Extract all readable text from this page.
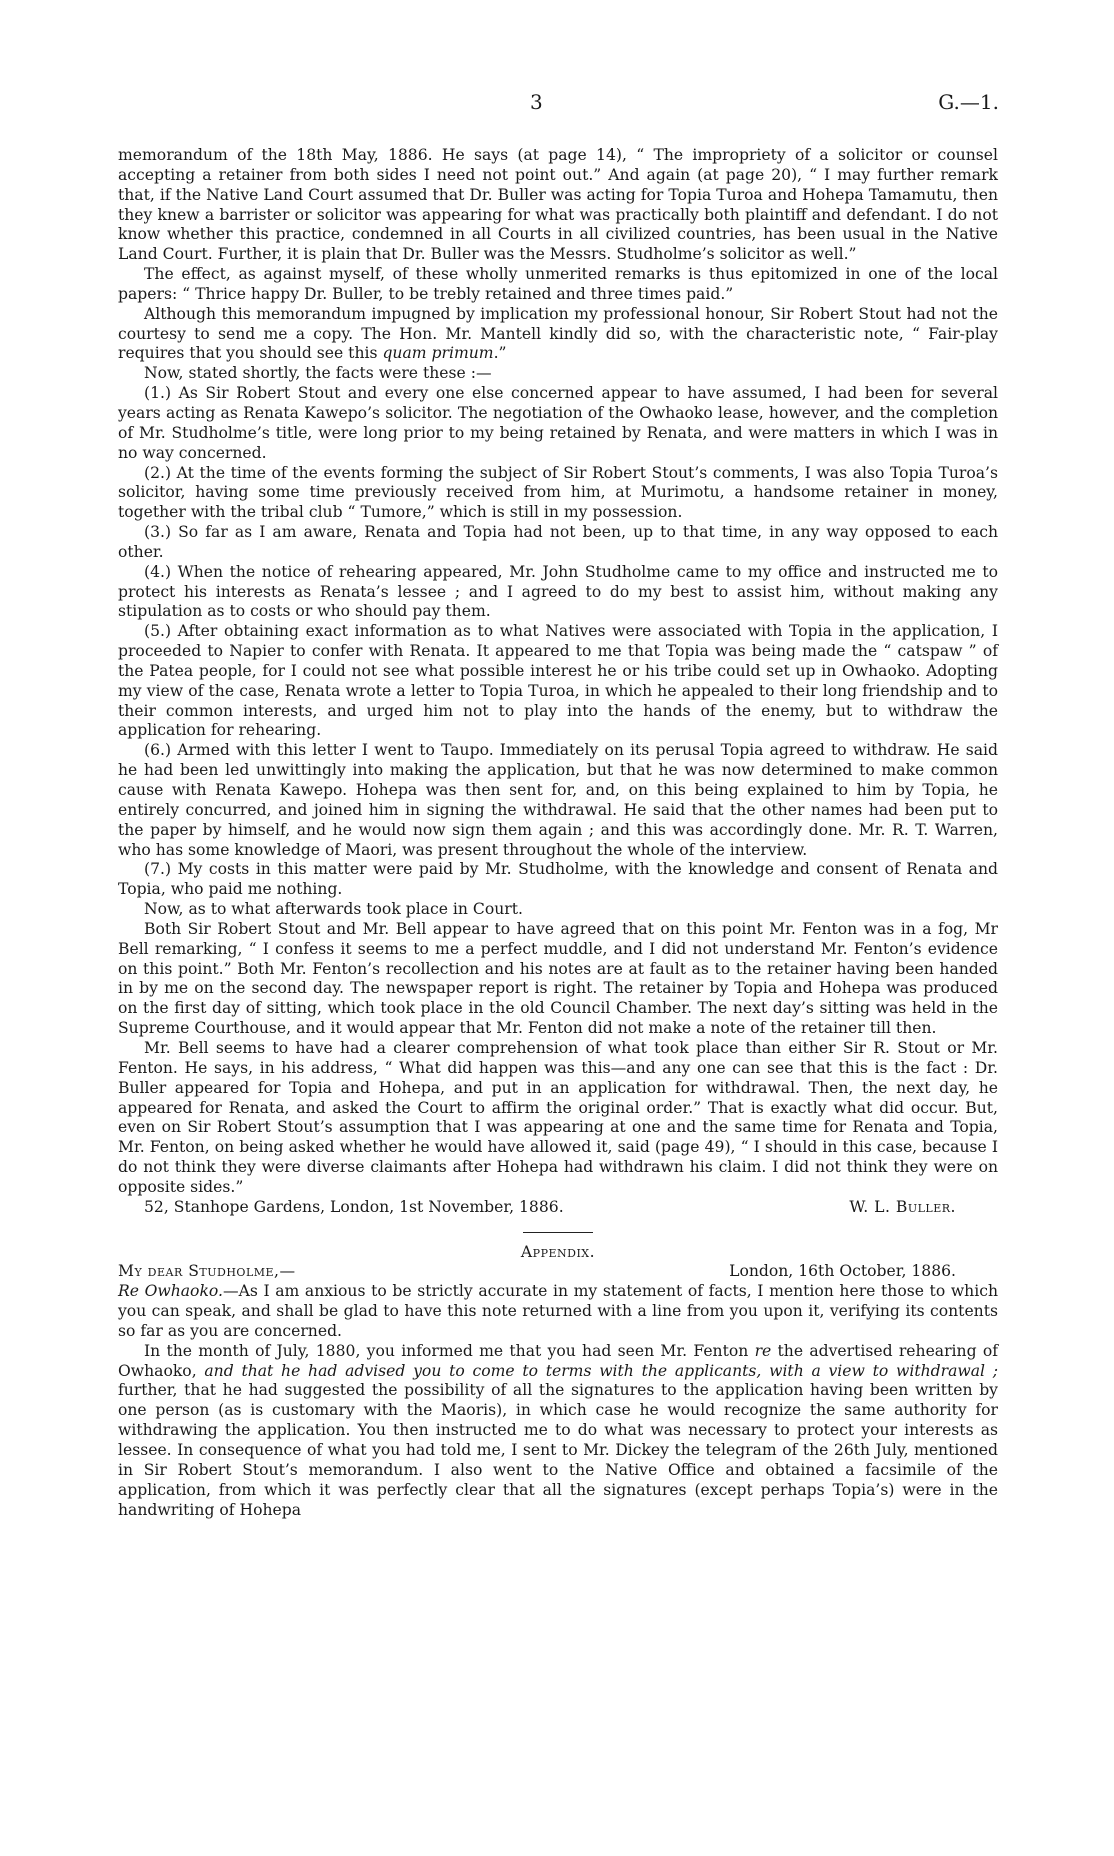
3	G.—1.

memorandum of the 18th May, 1886. He says (at page 14), “ The impropriety of a solicitor or counsel accepting a retainer from both sides I need not point out.” And again (at page 20), “ I may further remark that, if the Native Land Court assumed that Dr. Buller was acting for Topia Turoa and Hohepa Tamamutu, then they knew a barrister or solicitor was appearing for what was practically both plaintiff and defendant. I do not know whether this practice, condemned in all Courts in all civilized countries, has been usual in the Native Land Court. Further, it is plain that Dr. Buller was the Messrs. Studholme’s solicitor as well.”

The effect, as against myself, of these wholly unmerited remarks is thus epitomized in one of the local papers: “ Thrice happy Dr. Buller, to be trebly retained and three times paid.”

Although this memorandum impugned by implication my professional honour, Sir Robert Stout had not the courtesy to send me a copy. The Hon. Mr. Mantell kindly did so, with the characteristic note, “ Fair-play requires that you should see this quam primum.”

Now, stated shortly, the facts were these :—

(1.) As Sir Robert Stout and every one else concerned appear to have assumed, I had been for several years acting as Renata Kawepo’s solicitor. The negotiation of the Owhaoko lease, however, and the completion of Mr. Studholme’s title, were long prior to my being retained by Renata, and were matters in which I was in no way concerned.

(2.) At the time of the events forming the subject of Sir Robert Stout’s comments, I was also Topia Turoa’s solicitor, having some time previously received from him, at Murimotu, a handsome retainer in money, together with the tribal club “ Tumore,” which is still in my possession.

(3.) So far as I am aware, Renata and Topia had not been, up to that time, in any way opposed to each other.

(4.) When the notice of rehearing appeared, Mr. John Studholme came to my office and instructed me to protect his interests as Renata’s lessee ; and I agreed to do my best to assist him, without making any stipulation as to costs or who should pay them.

(5.) After obtaining exact information as to what Natives were associated with Topia in the application, I proceeded to Napier to confer with Renata. It appeared to me that Topia was being made the “ catspaw ” of the Patea people, for I could not see what possible interest he or his tribe could set up in Owhaoko. Adopting my view of the case, Renata wrote a letter to Topia Turoa, in which he appealed to their long friendship and to their common interests, and urged him not to play into the hands of the enemy, but to withdraw the application for rehearing.

(6.) Armed with this letter I went to Taupo. Immediately on its perusal Topia agreed to withdraw. He said he had been led unwittingly into making the application, but that he was now determined to make common cause with Renata Kawepo. Hohepa was then sent for, and, on this being explained to him by Topia, he entirely concurred, and joined him in signing the withdrawal. He said that the other names had been put to the paper by himself, and he would now sign them again ; and this was accordingly done. Mr. R. T. Warren, who has some knowledge of Maori, was present throughout the whole of the interview.

(7.) My costs in this matter were paid by Mr. Studholme, with the knowledge and consent of Renata and Topia, who paid me nothing.

Now, as to what afterwards took place in Court.

Both Sir Robert Stout and Mr. Bell appear to have agreed that on this point Mr. Fenton was in a fog, Mr Bell remarking, “ I confess it seems to me a perfect muddle, and I did not understand Mr. Fenton’s evidence on this point.” Both Mr. Fenton’s recollection and his notes are at fault as to the retainer having been handed in by me on the second day. The newspaper report is right. The retainer by Topia and Hohepa was produced on the first day of sitting, which took place in the old Council Chamber. The next day’s sitting was held in the Supreme Courthouse, and it would appear that Mr. Fenton did not make a note of the retainer till then.

Mr. Bell seems to have had a clearer comprehension of what took place than either Sir R. Stout or Mr. Fenton. He says, in his address, “ What did happen was this—and any one can see that this is the fact : Dr. Buller appeared for Topia and Hohepa, and put in an application for withdrawal. Then, the next day, he appeared for Renata, and asked the Court to affirm the original order.” That is exactly what did occur. But, even on Sir Robert Stout’s assumption that I was appearing at one and the same time for Renata and Topia, Mr. Fenton, on being asked whether he would have allowed it, said (page 49), “ I should in this case, because I do not think they were diverse claimants after Hohepa had withdrawn his claim. I did not think they were on opposite sides.”

52, Stanhope Gardens, London, 1st November, 1886.	W. L. Buller.
Appendix.
My dear Studholme,—	London, 16th October, 1886.

Re Owhaoko.—As I am anxious to be strictly accurate in my statement of facts, I mention here those to which you can speak, and shall be glad to have this note returned with a line from you upon it, verifying its contents so far as you are concerned.

In the month of July, 1880, you informed me that you had seen Mr. Fenton re the advertised rehearing of Owhaoko, and that he had advised you to come to terms with the applicants, with a view to withdrawal ; further, that he had suggested the possibility of all the signatures to the application having been written by one person (as is customary with the Maoris), in which case he would recognize the same authority for withdrawing the application. You then instructed me to do what was necessary to protect your interests as lessee. In consequence of what you had told me, I sent to Mr. Dickey the telegram of the 26th July, mentioned in Sir Robert Stout’s memorandum. I also went to the Native Office and obtained a facsimile of the application, from which it was perfectly clear that all the signatures (except perhaps Topia’s) were in the handwriting of Hohepa
